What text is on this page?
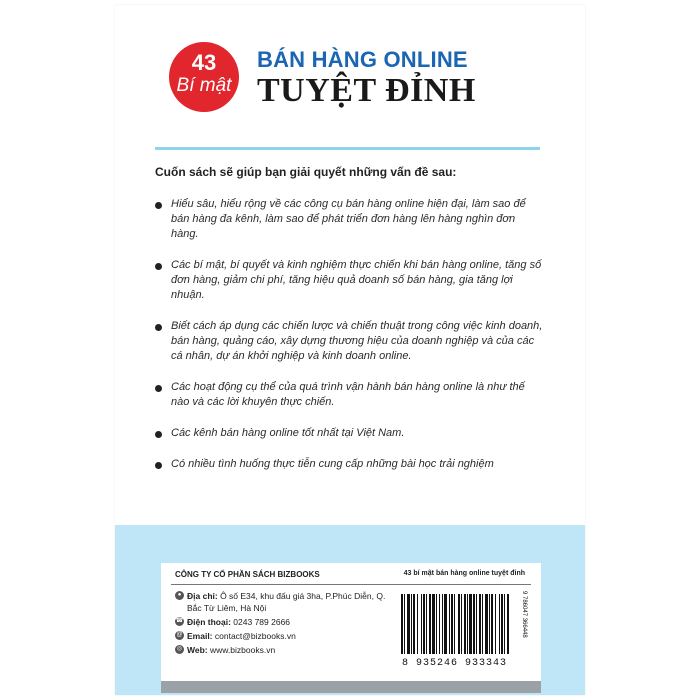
43
Bí mật
BÁN HÀNG ONLINE
TUYỆT ĐỈNH

Cuốn sách sẽ giúp bạn giải quyết những vấn đề sau:

Hiểu sâu, hiểu rộng về các công cụ bán hàng online hiện đại, làm sao để bán hàng đa kênh, làm sao để phát triển đơn hàng lên hàng nghìn đơn hàng.
Các bí mật, bí quyết và kinh nghiệm thực chiến khi bán hàng online, tăng số đơn hàng, giảm chi phí, tăng hiệu quả doanh số bán hàng, gia tăng lợi nhuận.
Biết cách áp dụng các chiến lược và chiến thuật trong công việc kinh doanh, bán hàng, quảng cáo, xây dựng thương hiệu của doanh nghiệp và của các cá nhân, dự án khởi nghiệp và kinh doanh online.
Các hoạt động cụ thể của quá trình vận hành bán hàng online là như thế nào và các lời khuyên thực chiến.
Các kênh bán hàng online tốt nhất tại Việt Nam.
Có nhiều tình huống thực tiễn cung cấp những bài học trải nghiệm
CÔNG TY CỔ PHẦN SÁCH BIZBOOKS	43 bí mật bán hàng online tuyệt đỉnh
● Địa chỉ: Ô số E34, khu đấu giá 3ha, P.Phúc Diễn, Q. Bắc Từ Liêm, Hà Nội
☎ Điện thoại: 0243 789 2666
@ Email: contact@bizbooks.vn
◎ Web: www.bizbooks.vn
8 935246 933343
9 786047 366448
